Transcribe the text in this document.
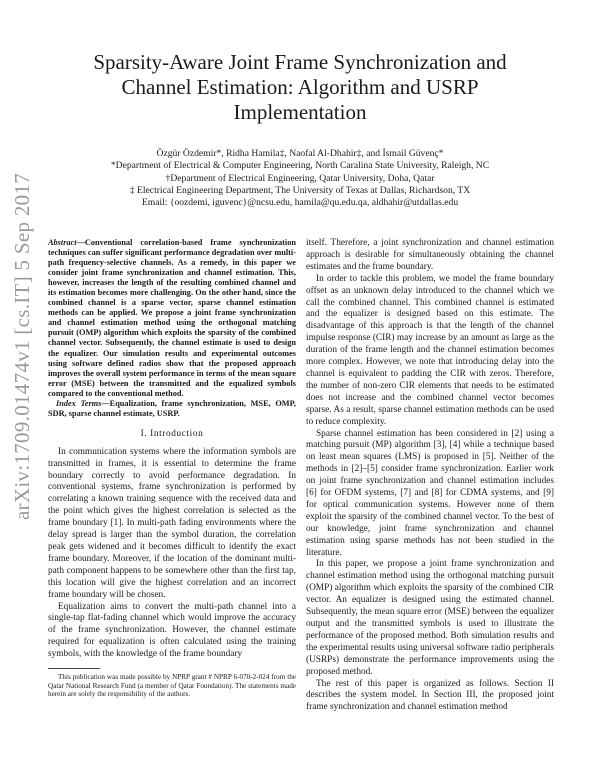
arXiv:1709.01474v1 [cs.IT] 5 Sep 2017
Sparsity-Aware Joint Frame Synchronization and Channel Estimation: Algorithm and USRP Implementation
Özgür Özdemir*, Ridha Hamila‡, Naofal Al-Dhahir‡, and İsmail Güvenç*
*Department of Electrical & Computer Engineering, North Caralina State University, Raleigh, NC
†Department of Electrical Engineering, Qatar University, Doha, Qatar
‡ Electrical Engineering Department, The University of Texas at Dallas, Richardson, TX
Email: {oozdemi, iguvenc}@ncsu.edu, hamila@qu.edu.qa, aldhahir@utdallas.edu

Abstract—Conventional correlation-based frame synchronization techniques can suffer significant performance degradation over multi-path frequency-selective channels. As a remedy, in this paper we consider joint frame synchronization and channel estimation. This, however, increases the length of the resulting combined channel and its estimation becomes more challenging. On the other hand, since the combined channel is a sparse vector, sparse channel estimation methods can be applied. We propose a joint frame synchronization and channel estimation method using the orthogonal matching pursuit (OMP) algorithm which exploits the sparsity of the combined channel vector. Subsequently, the channel estimate is used to design the equalizer. Our simulation results and experimental outcomes using software defined radios show that the proposed approach improves the overall system performance in terms of the mean square error (MSE) between the transmitted and the equalized symbols compared to the conventional method.

Index Terms—Equalization, frame synchronization, MSE, OMP, SDR, sparse channel estimate, USRP.

I. Introduction

In communication systems where the information symbols are transmitted in frames, it is essential to determine the frame boundary correctly to avoid performance degradation. In conventional systems, frame synchronization is performed by correlating a known training sequence with the received data and the point which gives the highest correlation is selected as the frame boundary [1]. In multi-path fading environments where the delay spread is larger than the symbol duration, the correlation peak gets widened and it becomes difficult to identify the exact frame boundary. Moreover, if the location of the dominant multi-path component happens to be somewhere other than the first tap, this location will give the highest correlation and an incorrect frame boundary will be chosen.

Equalization aims to convert the multi-path channel into a single-tap flat-fading channel which would improve the accuracy of the frame synchronization. However, the channel estimate required for equalization is often calculated using the training symbols, with the knowledge of the frame boundary

This publication was made possible by NPRP grant # NPRP 6-070-2-024 from the Qatar National Research Fund (a member of Qatar Foundation). The statements made herein are solely the responsibility of the authors.

itself. Therefore, a joint synchronization and channel estimation approach is desirable for simultaneously obtaining the channel estimates and the frame boundary.

In order to tackle this problem, we model the frame boundary offset as an unknown delay introduced to the channel which we call the combined channel. This combined channel is estimated and the equalizer is designed based on this estimate. The disadvantage of this approach is that the length of the channel impulse response (CIR) may increase by an amount as large as the duration of the frame length and the channel estimation becomes more complex. However, we note that introducing delay into the channel is equivalent to padding the CIR with zeros. Therefore, the number of non-zero CIR elements that needs to be estimated does not increase and the combined channel vector becomes sparse. As a result, sparse channel estimation methods can be used to reduce complexity.

Sparse channel estimation has been considered in [2] using a matching pursuit (MP) algorithm [3], [4] while a technique based on least mean squares (LMS) is proposed in [5]. Neither of the methods in [2]–[5] consider frame synchronization. Earlier work on joint frame synchronization and channel estimation includes [6] for OFDM systems, [7] and [8] for CDMA systems, and [9] for optical communication systems. However none of them exploit the sparsity of the combined channel vector. To the best of our knowledge, joint frame synchronization and channel estimation using sparse methods has not been studied in the literature.

In this paper, we propose a joint frame synchronization and channel estimation method using the orthogonal matching pursuit (OMP) algorithm which exploits the sparsity of the combined CIR vector. An equalizer is designed using the estimated channel. Subsequently, the mean square error (MSE) between the equalizer output and the transmitted symbols is used to illustrate the performance of the proposed method. Both simulation results and the experimental results using universal software radio peripherals (USRPs) demonstrate the performance improvements using the proposed method.

The rest of this paper is organized as follows. Section II describes the system model. In Section III, the proposed joint frame synchronization and channel estimation method
